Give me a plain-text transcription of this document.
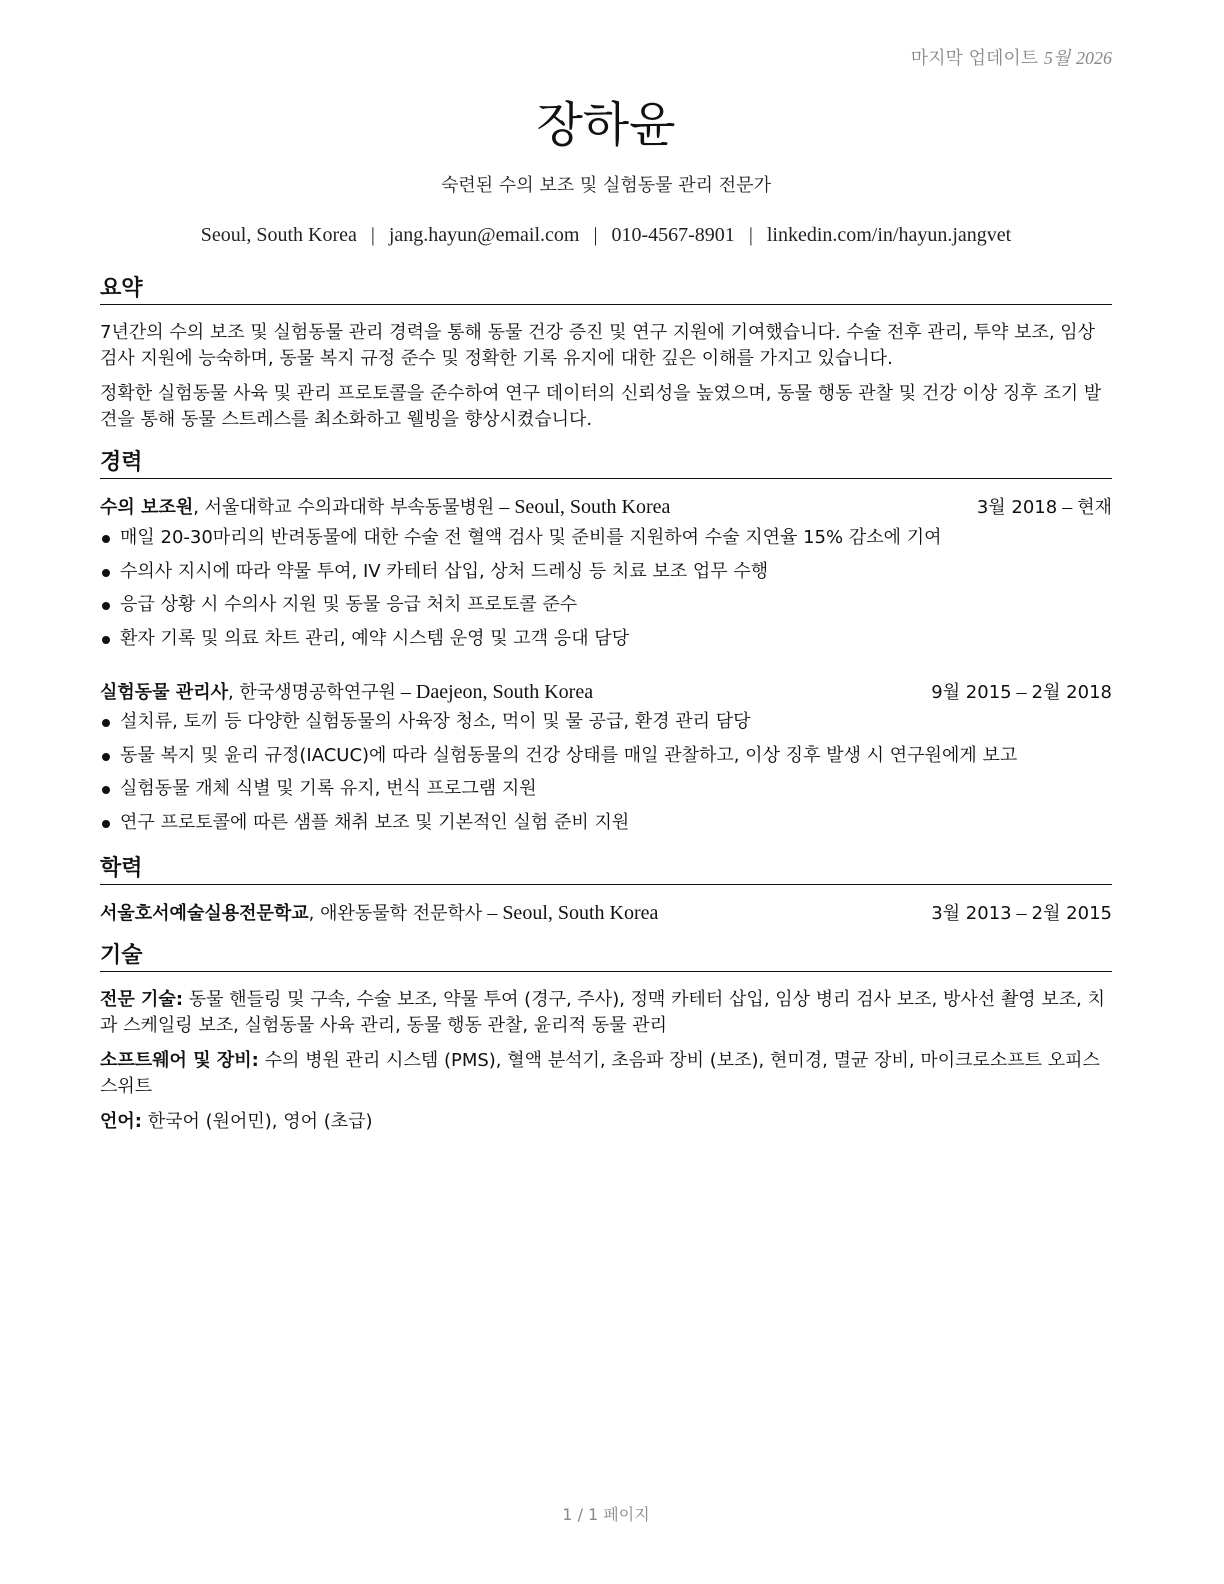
마지막 업데이트 5월 2026
장하윤
숙련된 수의 보조 및 실험동물 관리 전문가
Seoul, South Korea | jang.hayun@email.com | 010-4567-8901 | linkedin.com/in/hayun.jangvet
요약
7년간의 수의 보조 및 실험동물 관리 경력을 통해 동물 건강 증진 및 연구 지원에 기여했습니다. 수술 전후 관리, 투약 보조, 임상 검사 지원에 능숙하며, 동물 복지 규정 준수 및 정확한 기록 유지에 대한 깊은 이해를 가지고 있습니다.
정확한 실험동물 사육 및 관리 프로토콜을 준수하여 연구 데이터의 신뢰성을 높였으며, 동물 행동 관찰 및 건강 이상 징후 조기 발견을 통해 동물 스트레스를 최소화하고 웰빙을 향상시켰습니다.
경력
수의 보조원, 서울대학교 수의과대학 부속동물병원 – Seoul, South Korea	3월 2018 – 현재
매일 20-30마리의 반려동물에 대한 수술 전 혈액 검사 및 준비를 지원하여 수술 지연율 15% 감소에 기여
수의사 지시에 따라 약물 투여, IV 카테터 삽입, 상처 드레싱 등 치료 보조 업무 수행
응급 상황 시 수의사 지원 및 동물 응급 처치 프로토콜 준수
환자 기록 및 의료 차트 관리, 예약 시스템 운영 및 고객 응대 담당
실험동물 관리사, 한국생명공학연구원 – Daejeon, South Korea	9월 2015 – 2월 2018
설치류, 토끼 등 다양한 실험동물의 사육장 청소, 먹이 및 물 공급, 환경 관리 담당
동물 복지 및 윤리 규정(IACUC)에 따라 실험동물의 건강 상태를 매일 관찰하고, 이상 징후 발생 시 연구원에게 보고
실험동물 개체 식별 및 기록 유지, 번식 프로그램 지원
연구 프로토콜에 따른 샘플 채취 보조 및 기본적인 실험 준비 지원
학력
서울호서예술실용전문학교, 애완동물학 전문학사 – Seoul, South Korea	3월 2013 – 2월 2015
기술
전문 기술: 동물 핸들링 및 구속, 수술 보조, 약물 투여 (경구, 주사), 정맥 카테터 삽입, 임상 병리 검사 보조, 방사선 촬영 보조, 치과 스케일링 보조, 실험동물 사육 관리, 동물 행동 관찰, 윤리적 동물 관리
소프트웨어 및 장비: 수의 병원 관리 시스템 (PMS), 혈액 분석기, 초음파 장비 (보조), 현미경, 멸균 장비, 마이크로소프트 오피스 스위트
언어: 한국어 (원어민), 영어 (초급)
1 / 1 페이지
